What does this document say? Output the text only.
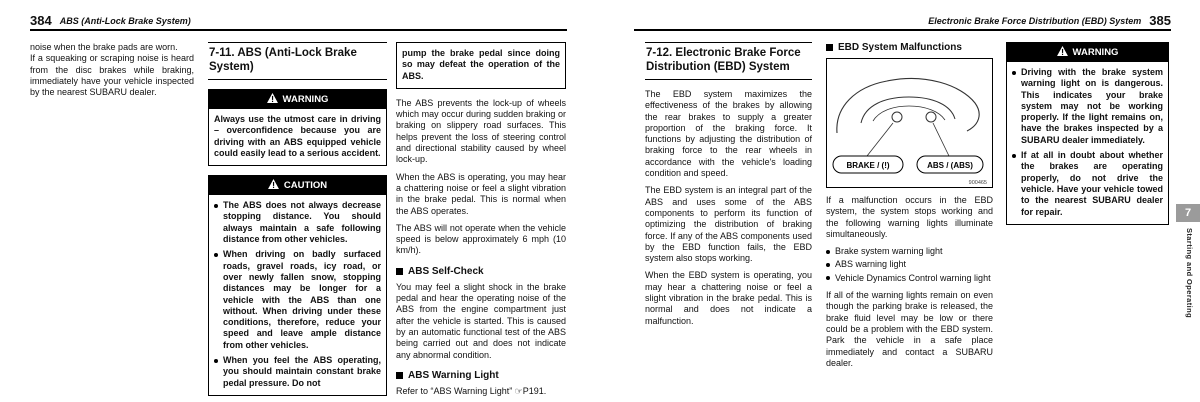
384 ABS (Anti-Lock Brake System)	Electronic Brake Force Distribution (EBD) System 385

noise when the brake pads are worn.

If a squeaking or scraping noise is heard from the disc brakes while braking, immediately have your vehicle inspected by the nearest SUBARU dealer.

7-11. ABS (Anti-Lock Brake System)
WARNING
Always use the utmost care in driving – overconfidence because you are driving with an ABS equipped vehicle could easily lead to a serious accident.
CAUTION
The ABS does not always decrease stopping distance. You should always maintain a safe following distance from other vehicles.
When driving on badly surfaced roads, gravel roads, icy road, or over newly fallen snow, stopping distances may be longer for a vehicle with the ABS than one without. When driving under these conditions, therefore, reduce your speed and leave ample distance from other vehicles.
When you feel the ABS operating, you should maintain constant brake pedal pressure. Do not
pump the brake pedal since doing so may defeat the operation of the ABS.

The ABS prevents the lock-up of wheels which may occur during sudden braking or braking on slippery road surfaces. This helps prevent the loss of steering control and directional stability caused by wheel lock-up.

When the ABS is operating, you may hear a chattering noise or feel a slight vibration in the brake pedal. This is normal when the ABS operates.

The ABS will not operate when the vehicle speed is below approximately 6 mph (10 km/h).

ABS Self-Check

You may feel a slight shock in the brake pedal and hear the operating noise of the ABS from the engine compartment just after the vehicle is started. This is caused by an automatic functional test of the ABS being carried out and does not indicate any abnormal condition.

ABS Warning Light

Refer to “ABS Warning Light” ☞P191.

7-12. Electronic Brake Force Distribution (EBD) System

The EBD system maximizes the effectiveness of the brakes by allowing the rear brakes to supply a greater proportion of the braking force. It functions by adjusting the distribution of braking force to the rear wheels in accordance with the vehicle's loading condition and speed.

The EBD system is an integral part of the ABS and uses some of the ABS components to perform its function of optimizing the distribution of braking force. If any of the ABS components used by the EBD function fails, the EBD system also stops working.

When the EBD system is operating, you may hear a chattering noise or feel a slight vibration in the brake pedal. This is normal and does not indicate a malfunction.

EBD System Malfunctions
BRAKE / (!)	ABS / (ABS)
900465

If a malfunction occurs in the EBD system, the system stops working and the following warning lights illuminate simultaneously.

Brake system warning light
ABS warning light
Vehicle Dynamics Control warning light

If all of the warning lights remain on even though the parking brake is released, the brake fluid level may be low or there could be a problem with the EBD system. Park the vehicle in a safe place immediately and contact a SUBARU dealer.

WARNING
Driving with the brake system warning light on is dangerous. This indicates your brake system may not be working properly. If the light remains on, have the brakes inspected by a SUBARU dealer immediately.
If at all in doubt about whether the brakes are operating properly, do not drive the vehicle. Have your vehicle towed to the nearest SUBARU dealer for repair.	7
Starting and Operating
